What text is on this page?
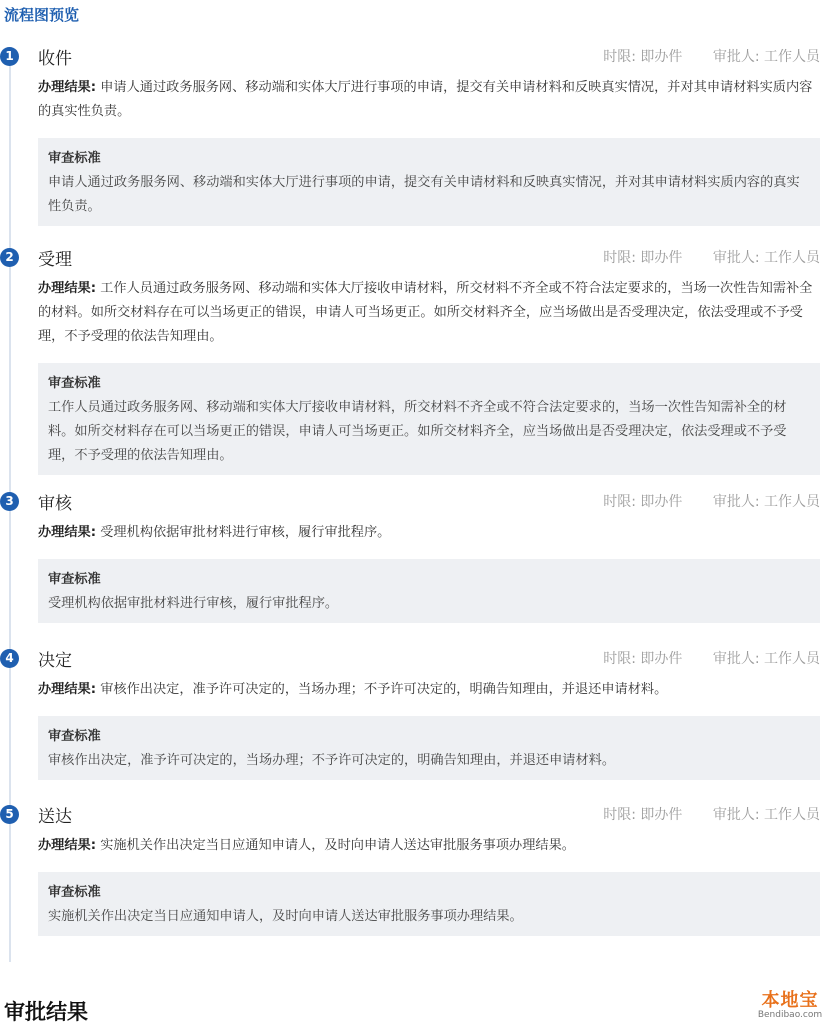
流程图预览
1	收件	时限: 即办件 审批人: 工作人员
办理结果: 申请人通过政务服务网、移动端和实体大厅进行事项的申请，提交有关申请材料和反映真实情况，并对其申请材料实质内容的真实性负责。
审查标准
申请人通过政务服务网、移动端和实体大厅进行事项的申请，提交有关申请材料和反映真实情况，并对其申请材料实质内容的真实性负责。
2	受理	时限: 即办件 审批人: 工作人员
办理结果: 工作人员通过政务服务网、移动端和实体大厅接收申请材料，所交材料不齐全或不符合法定要求的，当场一次性告知需补全的材料。如所交材料存在可以当场更正的错误，申请人可当场更正。如所交材料齐全，应当场做出是否受理决定，依法受理或不予受理，不予受理的依法告知理由。
审查标准
工作人员通过政务服务网、移动端和实体大厅接收申请材料，所交材料不齐全或不符合法定要求的，当场一次性告知需补全的材料。如所交材料存在可以当场更正的错误，申请人可当场更正。如所交材料齐全，应当场做出是否受理决定，依法受理或不予受理，不予受理的依法告知理由。
3	审核	时限: 即办件 审批人: 工作人员
办理结果: 受理机构依据审批材料进行审核，履行审批程序。
审查标准
受理机构依据审批材料进行审核，履行审批程序。
4	决定	时限: 即办件 审批人: 工作人员
办理结果: 审核作出决定，准予许可决定的，当场办理；不予许可决定的，明确告知理由，并退还申请材料。
审查标准
审核作出决定，准予许可决定的，当场办理；不予许可决定的，明确告知理由，并退还申请材料。
5	送达	时限: 即办件 审批人: 工作人员
办理结果: 实施机关作出决定当日应通知申请人，及时向申请人送达审批服务事项办理结果。
审查标准
实施机关作出决定当日应通知申请人，及时向申请人送达审批服务事项办理结果。
审批结果	本地宝
Bendibao.com
